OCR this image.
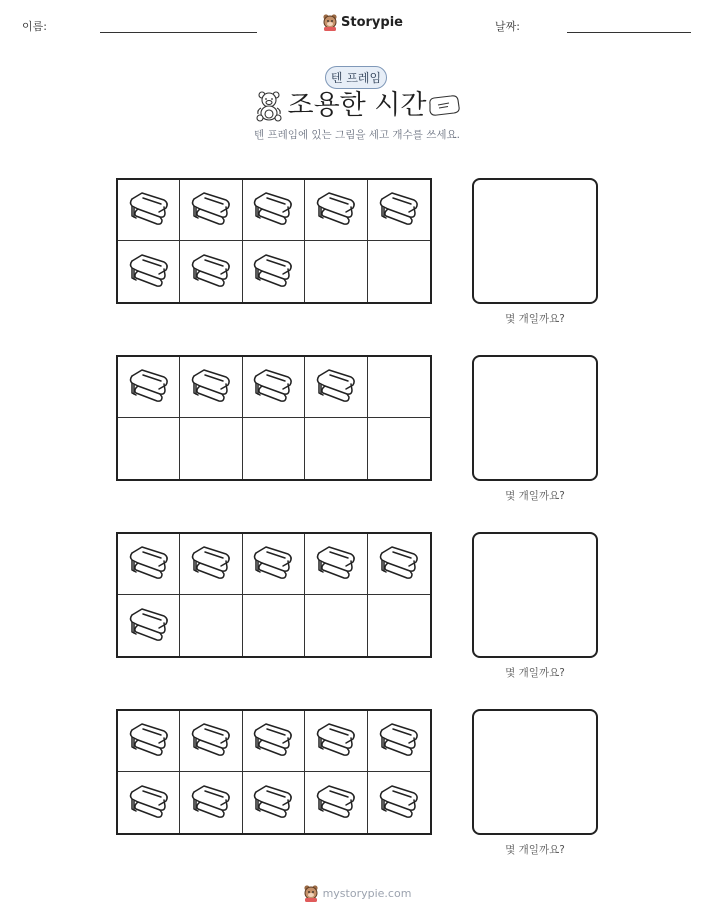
이름:	Storypie	날짜:
텐 프레임
조용한 시간
텐 프레임에 있는 그림을 세고 개수를 쓰세요.
몇 개일까요?
몇 개일까요?
몇 개일까요?
몇 개일까요?
mystorypie.com
